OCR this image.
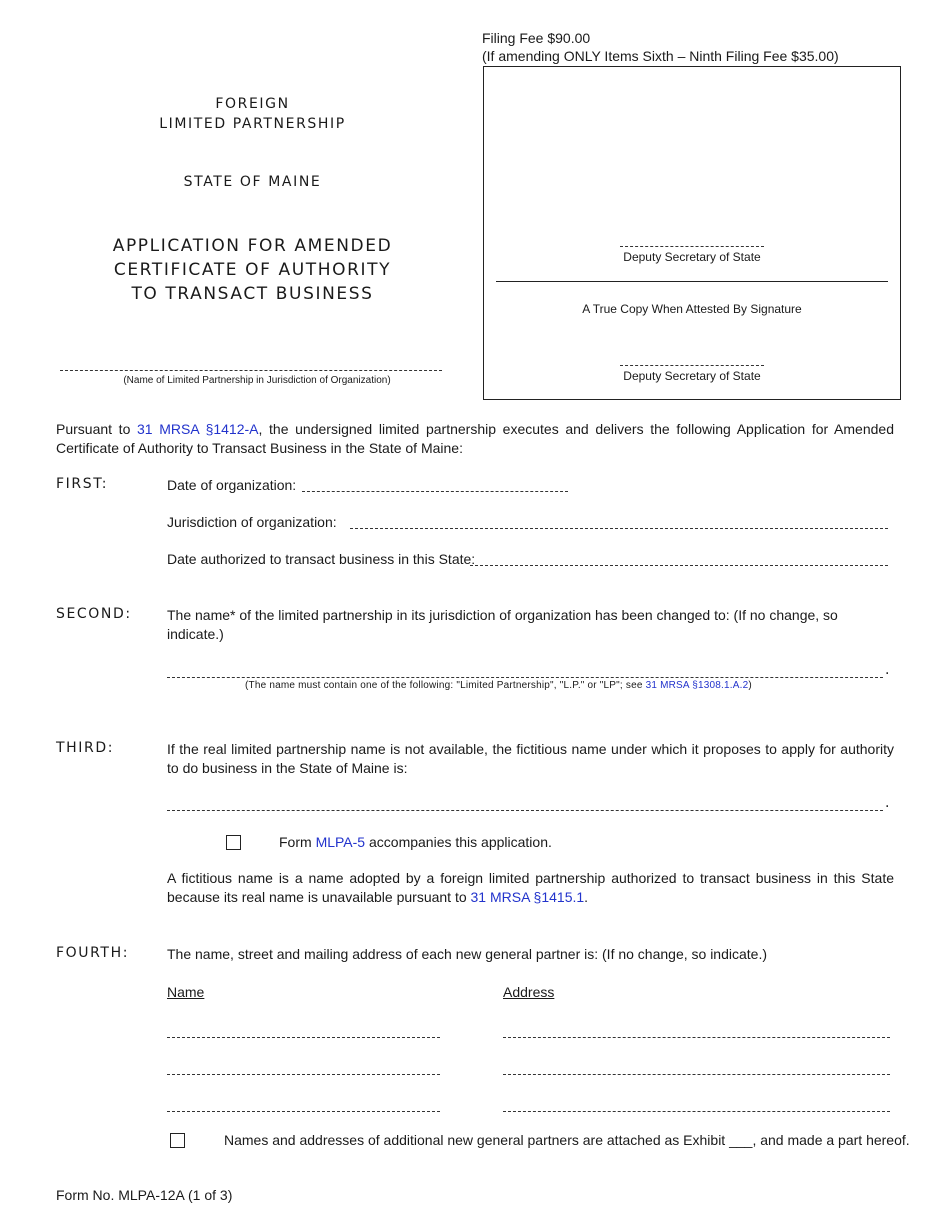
Filing Fee $90.00
(If amending ONLY Items Sixth – Ninth Filing Fee $35.00)
FOREIGN
LIMITED PARTNERSHIP
STATE OF MAINE
APPLICATION FOR AMENDED
CERTIFICATE OF AUTHORITY
TO TRANSACT BUSINESS
(Name of Limited Partnership in Jurisdiction of Organization)
Deputy Secretary of State
A True Copy When Attested By Signature
Deputy Secretary of State
Pursuant to 31 MRSA §1412-A, the undersigned limited partnership executes and delivers the following Application for Amended Certificate of Authority to Transact Business in the State of Maine:
FIRST:	Date of organization:
Jurisdiction of organization:
Date authorized to transact business in this State:
SECOND:	The name* of the limited partnership in its jurisdiction of organization has been changed to: (If no change, so indicate.)
.
(The name must contain one of the following: "Limited Partnership", "L.P." or "LP"; see 31 MRSA §1308.1.A.2)
THIRD:	If the real limited partnership name is not available, the fictitious name under which it proposes to apply for authority to do business in the State of Maine is:
.
Form MLPA-5 accompanies this application.
A fictitious name is a name adopted by a foreign limited partnership authorized to transact business in this State because its real name is unavailable pursuant to 31 MRSA §1415.1.
FOURTH:	The name, street and mailing address of each new general partner is: (If no change, so indicate.)
Name	Address
Names and addresses of additional new general partners are attached as Exhibit ___, and made a part hereof.
Form No. MLPA-12A (1 of 3)
